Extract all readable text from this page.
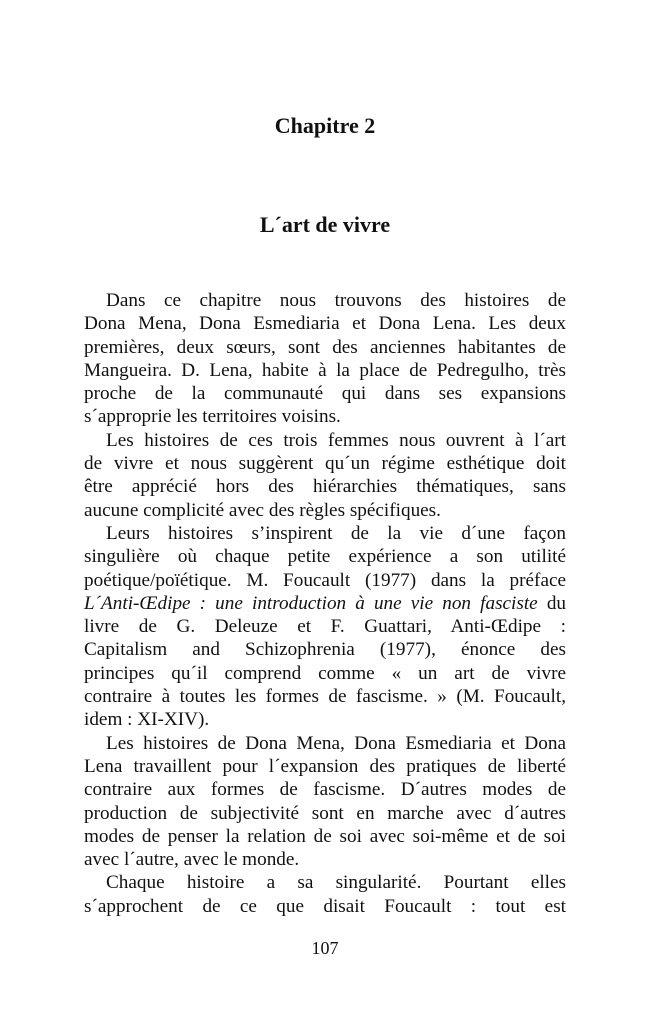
Chapitre 2
L´art de vivre
Dans ce chapitre nous trouvons des histoires de
Dona Mena, Dona Esmediaria et Dona Lena. Les deux
premières, deux sœurs, sont des anciennes habitantes de
Mangueira. D. Lena, habite à la place de Pedregulho, très
proche de la communauté qui dans ses expansions
s´approprie les territoires voisins.
Les histoires de ces trois femmes nous ouvrent à l´art
de vivre et nous suggèrent qu´un régime esthétique doit
être apprécié hors des hiérarchies thématiques, sans
aucune complicité avec des règles spécifiques.
Leurs histoires s’inspirent de la vie d´une façon
singulière où chaque petite expérience a son utilité
poétique/poïétique. M. Foucault (1977) dans la préface
L´Anti-Œdipe : une introduction à une vie non fasciste du
livre de G. Deleuze et F. Guattari, Anti-Œdipe :
Capitalism and Schizophrenia (1977), énonce des
principes qu´il comprend comme « un art de vivre
contraire à toutes les formes de fascisme. » (M. Foucault,
idem : XI-XIV).
Les histoires de Dona Mena, Dona Esmediaria et Dona
Lena travaillent pour l´expansion des pratiques de liberté
contraire aux formes de fascisme. D´autres modes de
production de subjectivité sont en marche avec d´autres
modes de penser la relation de soi avec soi-même et de soi
avec l´autre, avec le monde.
Chaque histoire a sa singularité. Pourtant elles
s´approchent de ce que disait Foucault : tout est
107
